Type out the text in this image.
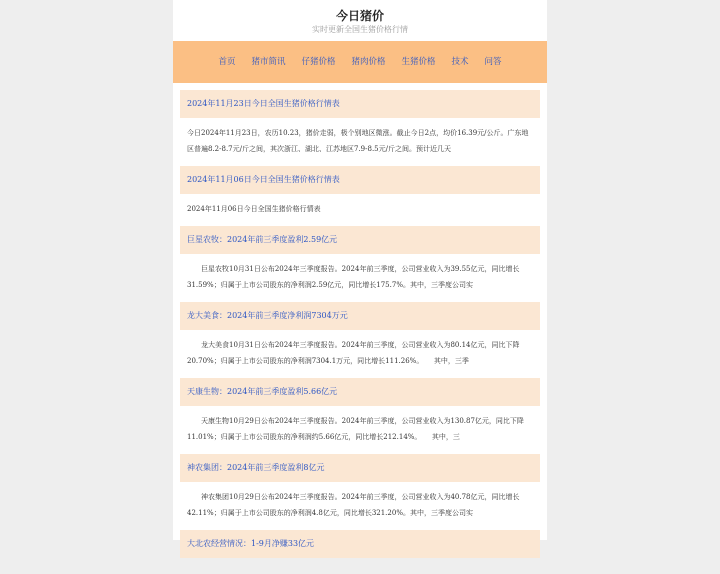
今日猪价
实时更新全国生猪价格行情
首页	猪市简讯	仔猪价格	猪肉价格	生猪价格	技术	问答
2024年11月23日今日全国生猪价格行情表
今日2024年11月23日，农历10.23，猪价走弱，极个别地区微涨。截止今日2点，均价16.39元/公斤。广东地区普遍8.2-8.7元/斤之间，其次浙江、湖北、江苏地区7.9-8.5元/斤之间。预计近几天
2024年11月06日今日全国生猪价格行情表
2024年11月06日今日全国生猪价格行情表
巨星农牧：2024年前三季度盈利2.59亿元
巨星农牧10月31日公布2024年三季度报告。2024年前三季度，公司营业收入为39.55亿元，同比增长31.59%；归属于上市公司股东的净利润2.59亿元，同比增长175.7%。其中，三季度公司实
龙大美食：2024年前三季度净利润7304万元
龙大美食10月31日公布2024年三季度报告。2024年前三季度，公司营业收入为80.14亿元，同比下降20.70%；归属于上市公司股东的净利润7304.1万元，同比增长111.26%。　　其中，三季
天康生物：2024年前三季度盈利5.66亿元
天康生物10月29日公布2024年三季度报告。2024年前三季度，公司营业收入为130.87亿元，同比下降11.01%；归属于上市公司股东的净利润约5.66亿元，同比增长212.14%。　　其中，三
神农集团：2024年前三季度盈利8亿元
神农集团10月29日公布2024年三季度报告。2024年前三季度，公司营业收入为40.78亿元，同比增长42.11%；归属于上市公司股东的净利润4.8亿元，同比增长321.20%。其中，三季度公司实
大北农经营情况：1-9月净赚33亿元
